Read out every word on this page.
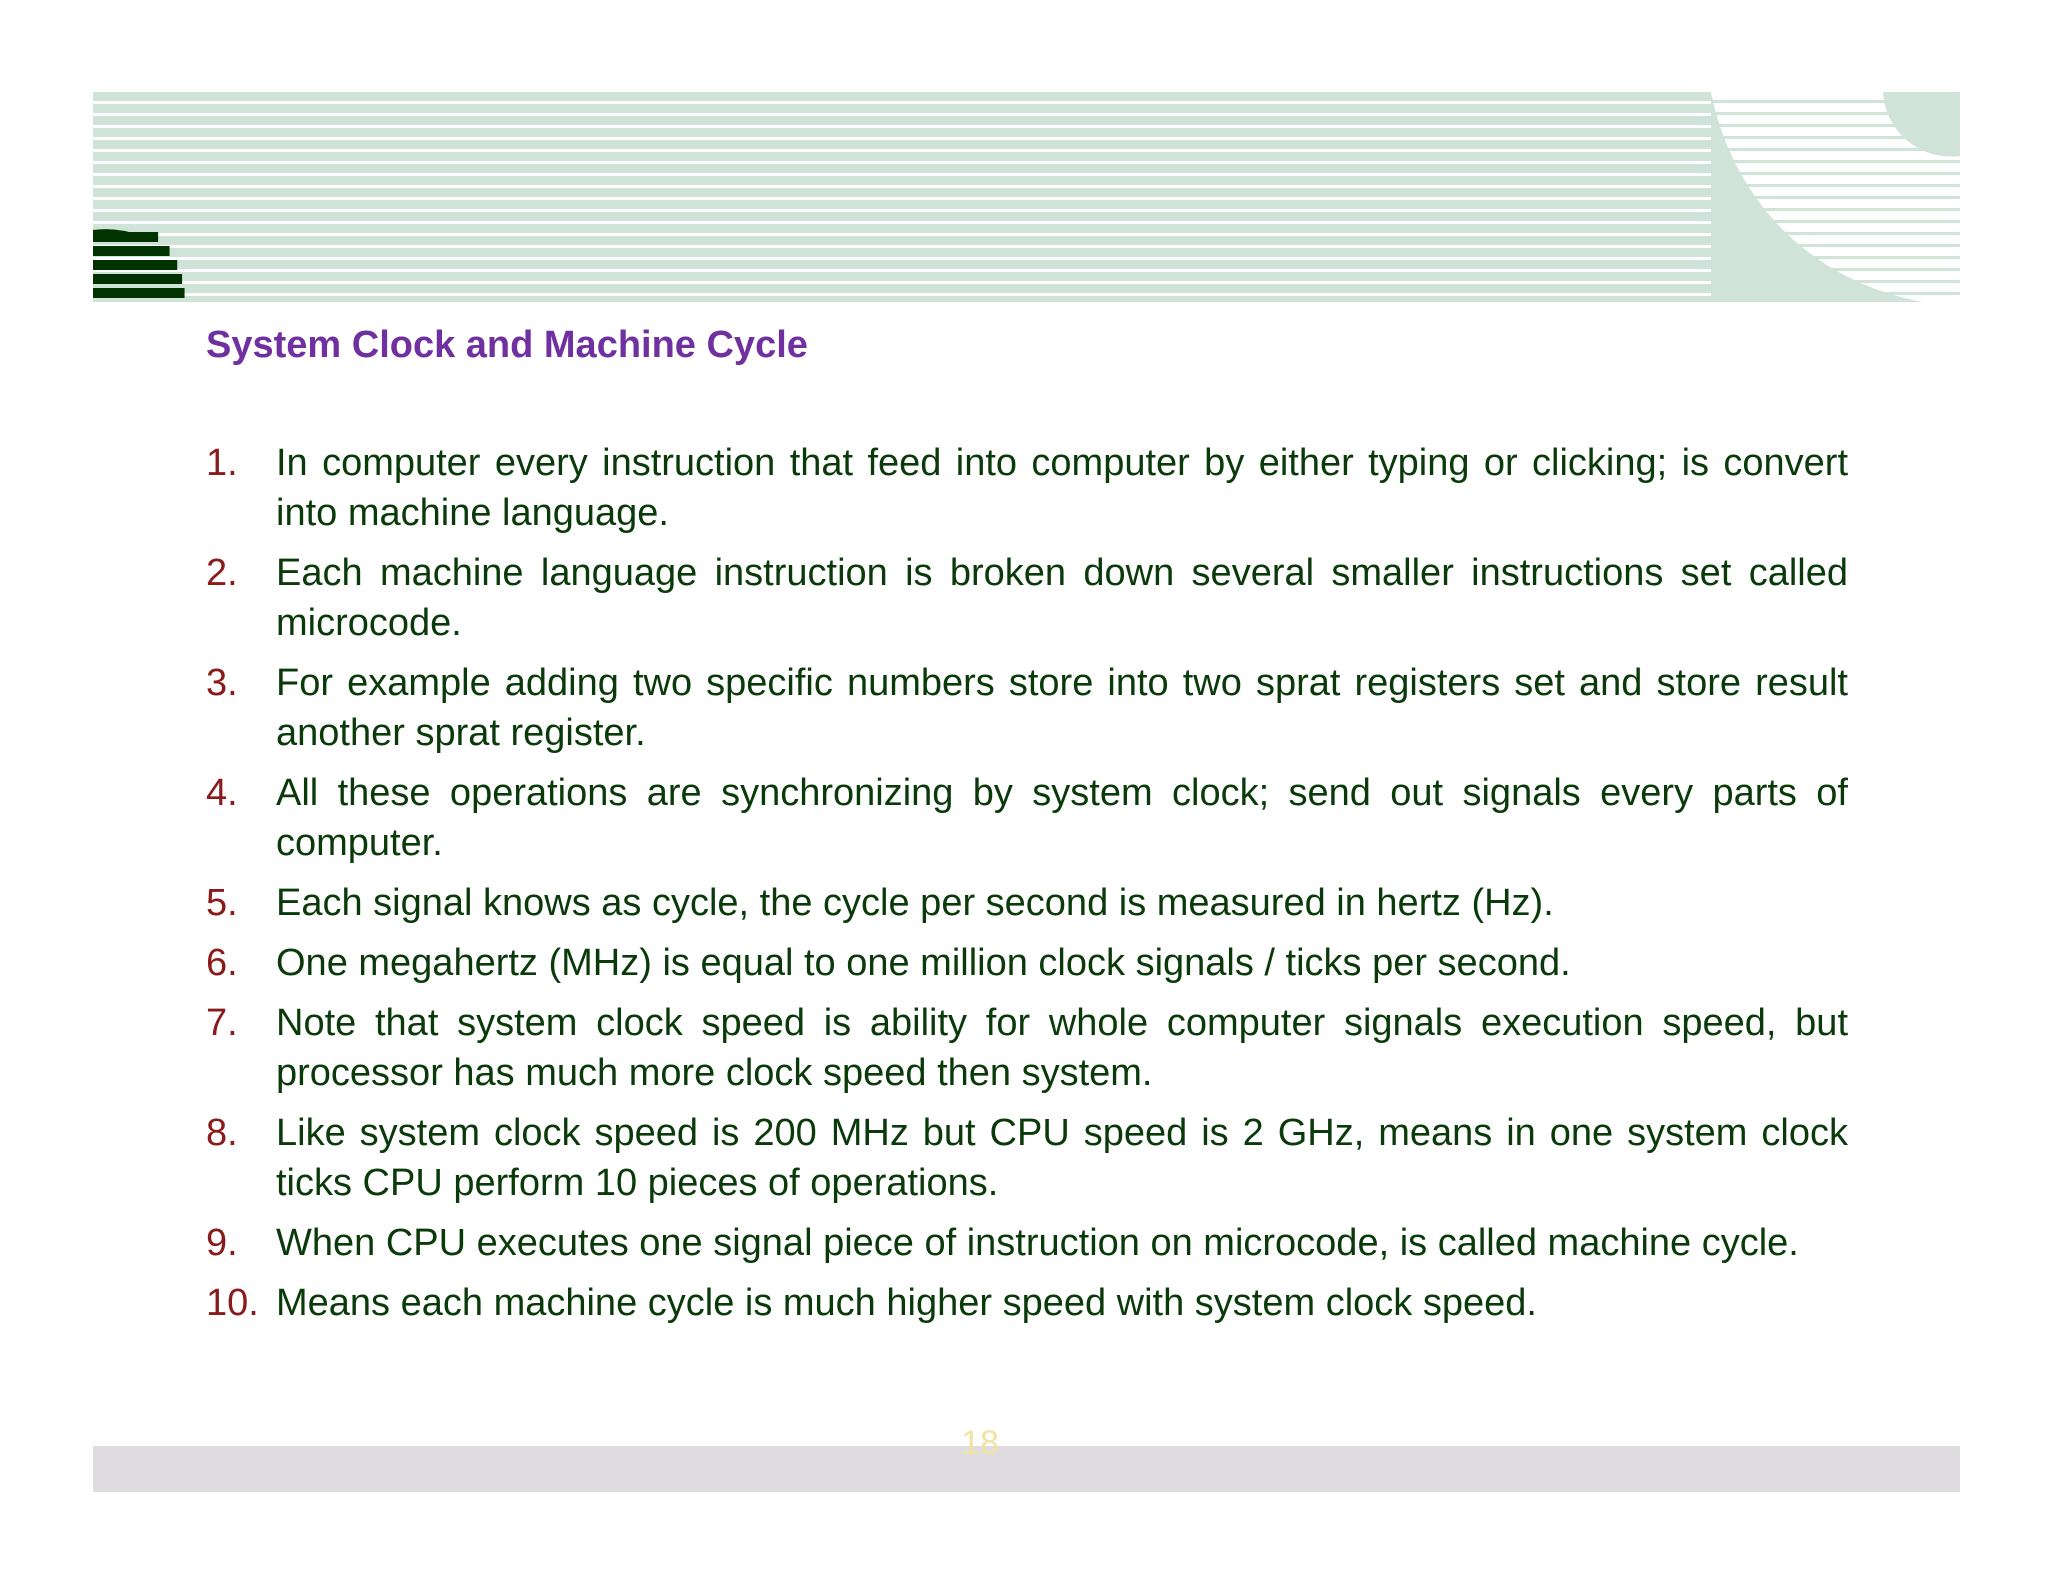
System Clock and Machine Cycle
1. In computer every instruction that feed into computer by either typing or clicking; is convert into machine language.
2. Each machine language instruction is broken down several smaller instructions set called microcode.
3. For example adding two specific numbers store into two sprat registers set and store result another sprat register.
4. All these operations are synchronizing by system clock; send out signals every parts of computer.
5. Each signal knows as cycle, the cycle per second is measured in hertz (Hz).
6. One megahertz (MHz) is equal to one million clock signals / ticks per second.
7. Note that system clock speed is ability for whole computer signals execution speed, but processor has much more clock speed then system.
8. Like system clock speed is 200 MHz but CPU speed is 2 GHz, means in one system clock ticks CPU perform 10 pieces of operations.
9. When CPU executes one signal piece of instruction on microcode, is called machine cycle.
10. Means each machine cycle is much higher speed with system clock speed.
18
